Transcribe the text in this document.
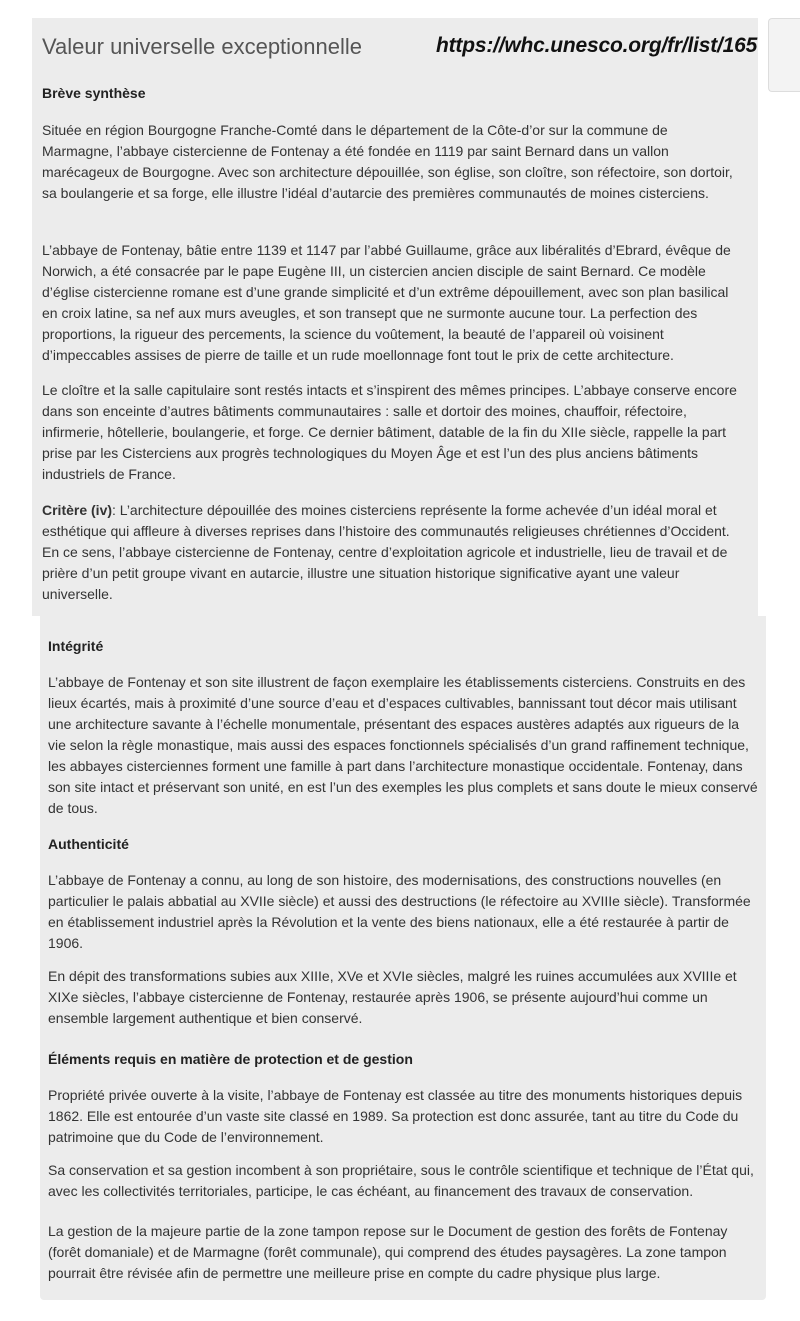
Valeur universelle exceptionnelle	https://whc.unesco.org/fr/list/165
Brève synthèse

Située en région Bourgogne Franche-Comté dans le département de la Côte-d’or sur la commune de Marmagne, l’abbaye cistercienne de Fontenay a été fondée en 1119 par saint Bernard dans un vallon marécageux de Bourgogne. Avec son architecture dépouillée, son église, son cloître, son réfectoire, son dortoir, sa boulangerie et sa forge, elle illustre l’idéal d’autarcie des premières communautés de moines cisterciens.

L’abbaye de Fontenay, bâtie entre 1139 et 1147 par l’abbé Guillaume, grâce aux libéralités d’Ebrard, évêque de Norwich, a été consacrée par le pape Eugène III, un cistercien ancien disciple de saint Bernard. Ce modèle d’église cistercienne romane est d’une grande simplicité et d’un extrême dépouillement, avec son plan basilical en croix latine, sa nef aux murs aveugles, et son transept que ne surmonte aucune tour. La perfection des proportions, la rigueur des percements, la science du voûtement, la beauté de l’appareil où voisinent d’impeccables assises de pierre de taille et un rude moellonnage font tout le prix de cette architecture.

Le cloître et la salle capitulaire sont restés intacts et s’inspirent des mêmes principes. L’abbaye conserve encore dans son enceinte d’autres bâtiments communautaires : salle et dortoir des moines, chauffoir, réfectoire, infirmerie, hôtellerie, boulangerie, et forge. Ce dernier bâtiment, datable de la fin du XIIe siècle, rappelle la part prise par les Cisterciens aux progrès technologiques du Moyen Âge et est l’un des plus anciens bâtiments industriels de France.

Critère (iv): L’architecture dépouillée des moines cisterciens représente la forme achevée d’un idéal moral et esthétique qui affleure à diverses reprises dans l’histoire des communautés religieuses chrétiennes d’Occident. En ce sens, l’abbaye cistercienne de Fontenay, centre d’exploitation agricole et industrielle, lieu de travail et de prière d’un petit groupe vivant en autarcie, illustre une situation historique significative ayant une valeur universelle.

Intégrité

L’abbaye de Fontenay et son site illustrent de façon exemplaire les établissements cisterciens. Construits en des lieux écartés, mais à proximité d’une source d’eau et d’espaces cultivables, bannissant tout décor mais utilisant une architecture savante à l’échelle monumentale, présentant des espaces austères adaptés aux rigueurs de la vie selon la règle monastique, mais aussi des espaces fonctionnels spécialisés d’un grand raffinement technique, les abbayes cisterciennes forment une famille à part dans l’architecture monastique occidentale. Fontenay, dans son site intact et préservant son unité, en est l’un des exemples les plus complets et sans doute le mieux conservé de tous.

Authenticité

L’abbaye de Fontenay a connu, au long de son histoire, des modernisations, des constructions nouvelles (en particulier le palais abbatial au XVIIe siècle) et aussi des destructions (le réfectoire au XVIIIe siècle). Transformée en établissement industriel après la Révolution et la vente des biens nationaux, elle a été restaurée à partir de 1906.

En dépit des transformations subies aux XIIIe, XVe et XVIe siècles, malgré les ruines accumulées aux XVIIIe et XIXe siècles, l’abbaye cistercienne de Fontenay, restaurée après 1906, se présente aujourd’hui comme un ensemble largement authentique et bien conservé.

Éléments requis en matière de protection et de gestion

Propriété privée ouverte à la visite, l’abbaye de Fontenay est classée au titre des monuments historiques depuis 1862. Elle est entourée d’un vaste site classé en 1989. Sa protection est donc assurée, tant au titre du Code du patrimoine que du Code de l’environnement.

Sa conservation et sa gestion incombent à son propriétaire, sous le contrôle scientifique et technique de l’État qui, avec les collectivités territoriales, participe, le cas échéant, au financement des travaux de conservation.

La gestion de la majeure partie de la zone tampon repose sur le Document de gestion des forêts de Fontenay (forêt domaniale) et de Marmagne (forêt communale), qui comprend des études paysagères. La zone tampon pourrait être révisée afin de permettre une meilleure prise en compte du cadre physique plus large.
